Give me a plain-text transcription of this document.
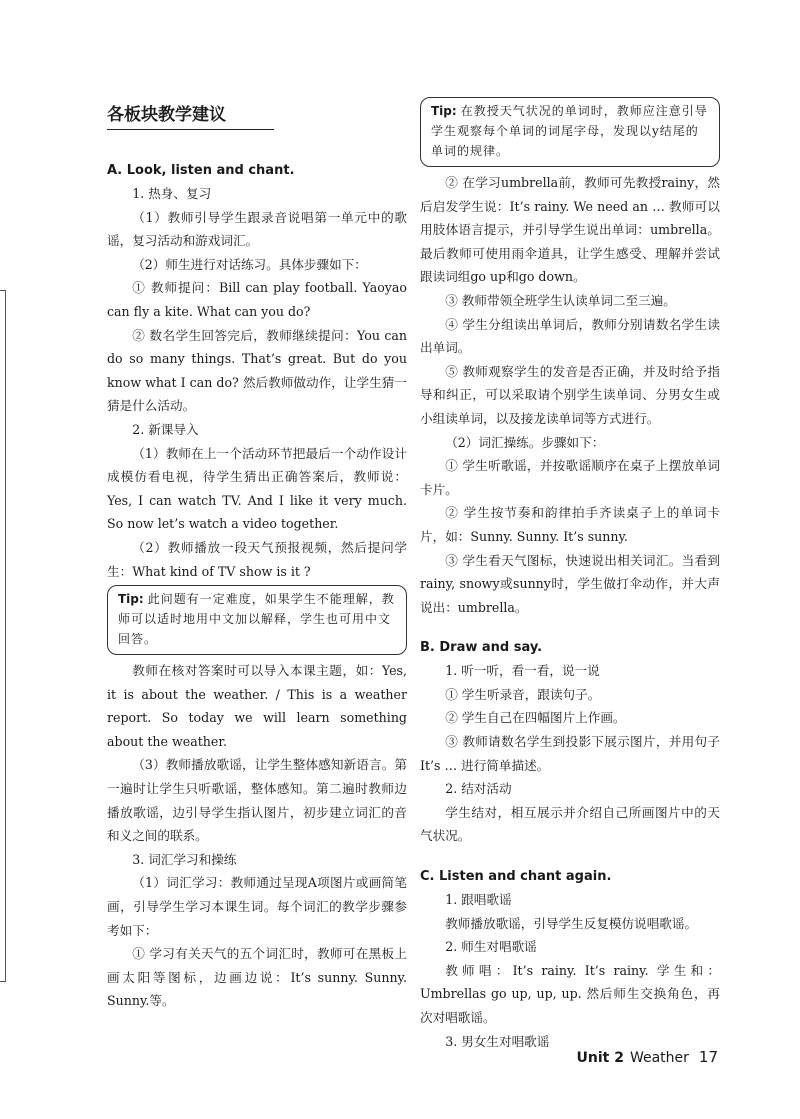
各板块教学建议
A. Look, listen and chant.

1. 热身、复习

（1）教师引导学生跟录音说唱第一单元中的歌谣，复习活动和游戏词汇。

（2）师生进行对话练习。具体步骤如下：

① 教师提问：Bill can play football. Yaoyao can fly a kite. What can you do?

② 数名学生回答完后，教师继续提问：You can do so many things. That’s great. But do you know what I can do? 然后教师做动作，让学生猜一猜是什么活动。

2. 新课导入

（1）教师在上一个活动环节把最后一个动作设计成模仿看电视，待学生猜出正确答案后，教师说：Yes, I can watch TV. And I like it very much. So now let’s watch a video together.

（2）教师播放一段天气预报视频，然后提问学生：What kind of TV show is it ?

Tip: 此问题有一定难度，如果学生不能理解，教师可以适时地用中文加以解释，学生也可用中文回答。

教师在核对答案时可以导入本课主题，如：Yes, it is about the weather. / This is a weather report. So today we will learn something about the weather.

（3）教师播放歌谣，让学生整体感知新语言。第一遍时让学生只听歌谣，整体感知。第二遍时教师边播放歌谣，边引导学生指认图片，初步建立词汇的音和义之间的联系。

3. 词汇学习和操练

（1）词汇学习：教师通过呈现A项图片或画简笔画，引导学生学习本课生词。每个词汇的教学步骤参考如下：

① 学习有关天气的五个词汇时，教师可在黑板上画太阳等图标，边画边说：It’s sunny. Sunny. Sunny.等。

Tip: 在教授天气状况的单词时，教师应注意引导学生观察每个单词的词尾字母，发现以y结尾的单词的规律。

② 在学习umbrella前，教师可先教授rainy，然后启发学生说：It’s rainy. We need an … 教师可以用肢体语言提示，并引导学生说出单词：umbrella。最后教师可使用雨伞道具，让学生感受、理解并尝试跟读词组go up和go down。

③ 教师带领全班学生认读单词二至三遍。

④ 学生分组读出单词后，教师分别请数名学生读出单词。

⑤ 教师观察学生的发音是否正确，并及时给予指导和纠正，可以采取请个别学生读单词、分男女生或小组读单词，以及接龙读单词等方式进行。

（2）词汇操练。步骤如下：

① 学生听歌谣，并按歌谣顺序在桌子上摆放单词卡片。

② 学生按节奏和韵律拍手齐读桌子上的单词卡片，如：Sunny. Sunny. It’s sunny.

③ 学生看天气图标，快速说出相关词汇。当看到rainy, snowy或sunny时，学生做打伞动作，并大声说出：umbrella。

B. Draw and say.

1. 听一听，看一看，说一说

① 学生听录音，跟读句子。

② 学生自己在四幅图片上作画。

③ 教师请数名学生到投影下展示图片，并用句子It’s … 进行简单描述。

2. 结对活动

学生结对，相互展示并介绍自己所画图片中的天气状况。

C. Listen and chant again.

1. 跟唱歌谣

教师播放歌谣，引导学生反复模仿说唱歌谣。

2. 师生对唱歌谣

教师唱：It’s rainy. It’s rainy. 学生和：Umbrellas go up, up, up. 然后师生交换角色，再次对唱歌谣。

3. 男女生对唱歌谣

Unit 2 Weather 17
